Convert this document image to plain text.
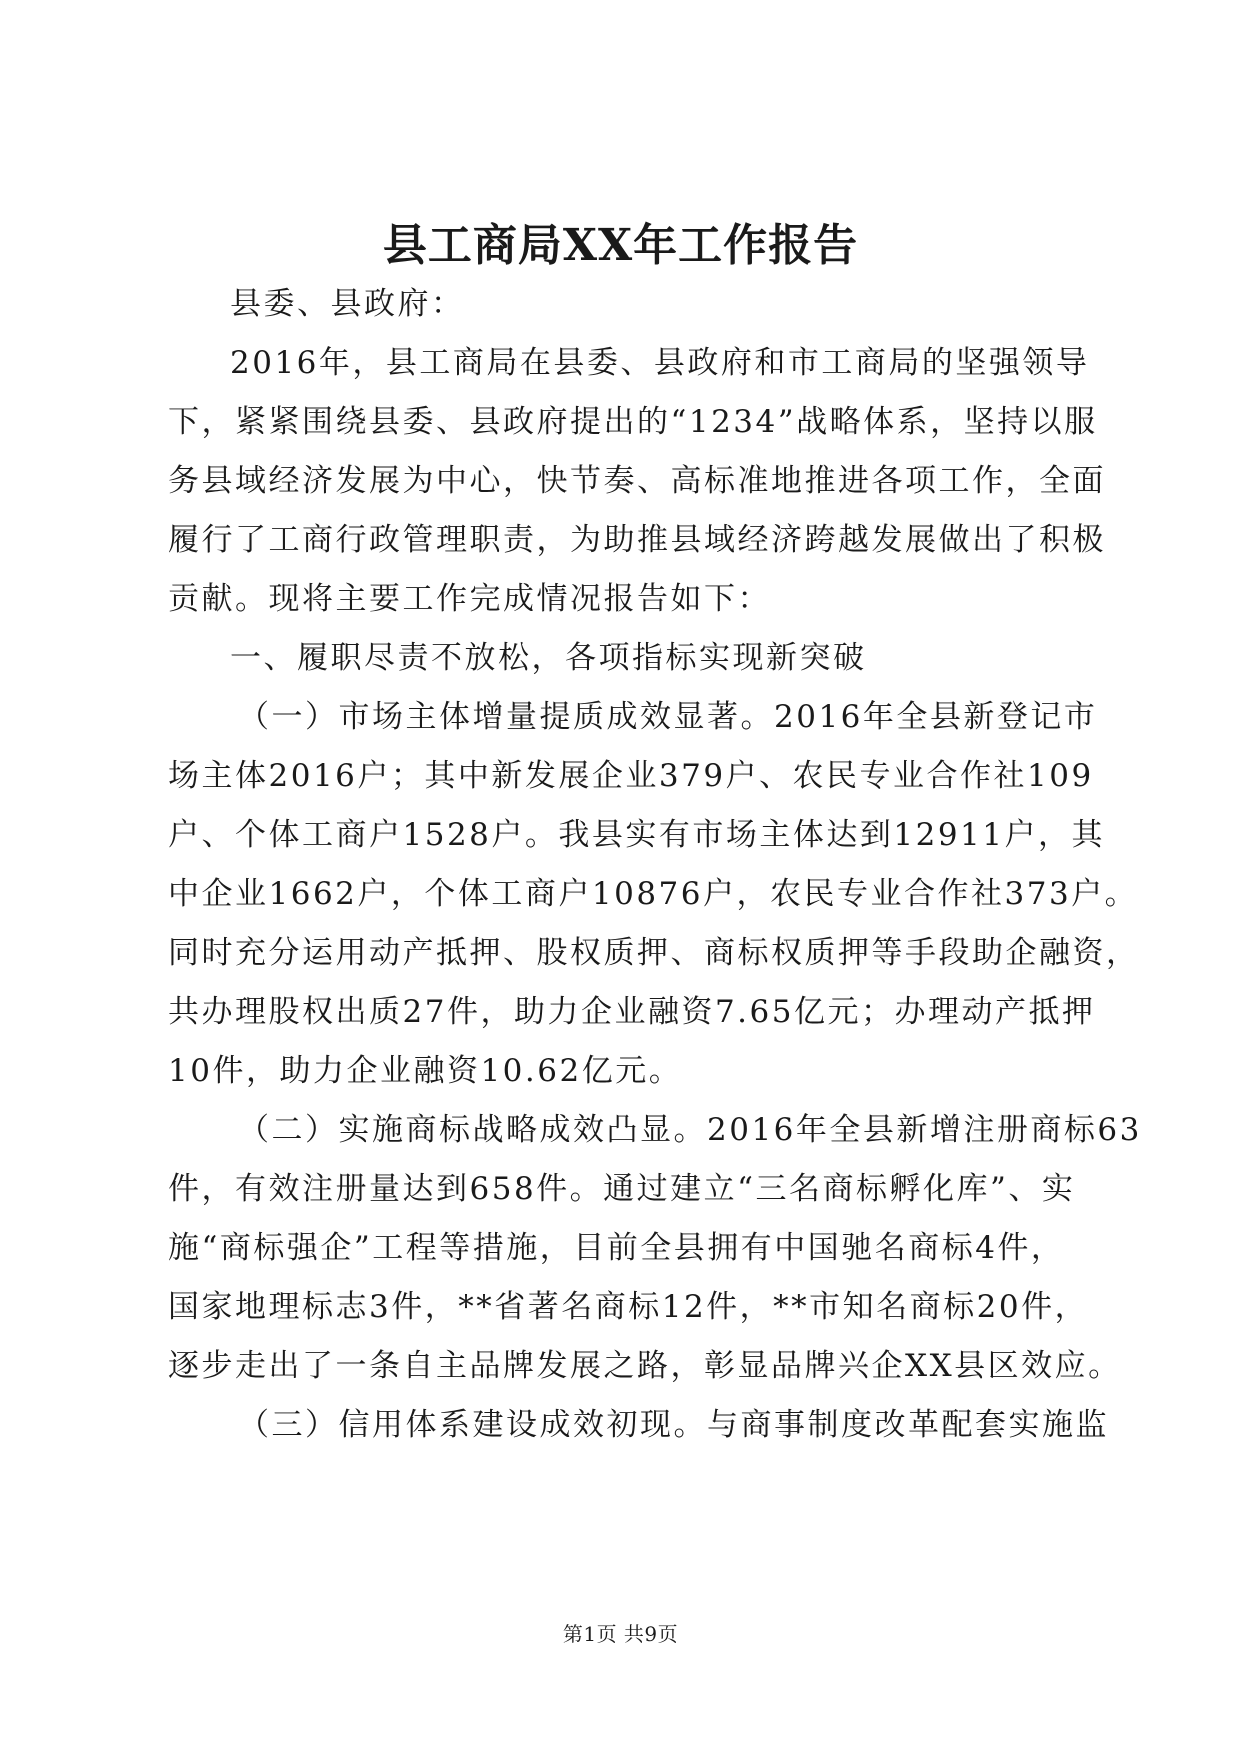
县工商局XX年工作报告
县委、县政府：
2016年，县工商局在县委、县政府和市工商局的坚强领导
下，紧紧围绕县委、县政府提出的“1234”战略体系，坚持以服
务县域经济发展为中心，快节奏、高标准地推进各项工作，全面
履行了工商行政管理职责，为助推县域经济跨越发展做出了积极
贡献。现将主要工作完成情况报告如下：
一、履职尽责不放松，各项指标实现新突破
（一）市场主体增量提质成效显著。2016年全县新登记市
场主体2016户；其中新发展企业379户、农民专业合作社109
户、个体工商户1528户。我县实有市场主体达到12911户，其
中企业1662户，个体工商户10876户，农民专业合作社373户。
同时充分运用动产抵押、股权质押、商标权质押等手段助企融资，
共办理股权出质27件，助力企业融资7.65亿元；办理动产抵押
10件，助力企业融资10.62亿元。
（二）实施商标战略成效凸显。2016年全县新增注册商标63
件，有效注册量达到658件。通过建立“三名商标孵化库”、实
施“商标强企”工程等措施，目前全县拥有中国驰名商标4件，
国家地理标志3件，**省著名商标12件，**市知名商标20件，
逐步走出了一条自主品牌发展之路，彰显品牌兴企XX县区效应。
（三）信用体系建设成效初现。与商事制度改革配套实施监
第1页 共9页
